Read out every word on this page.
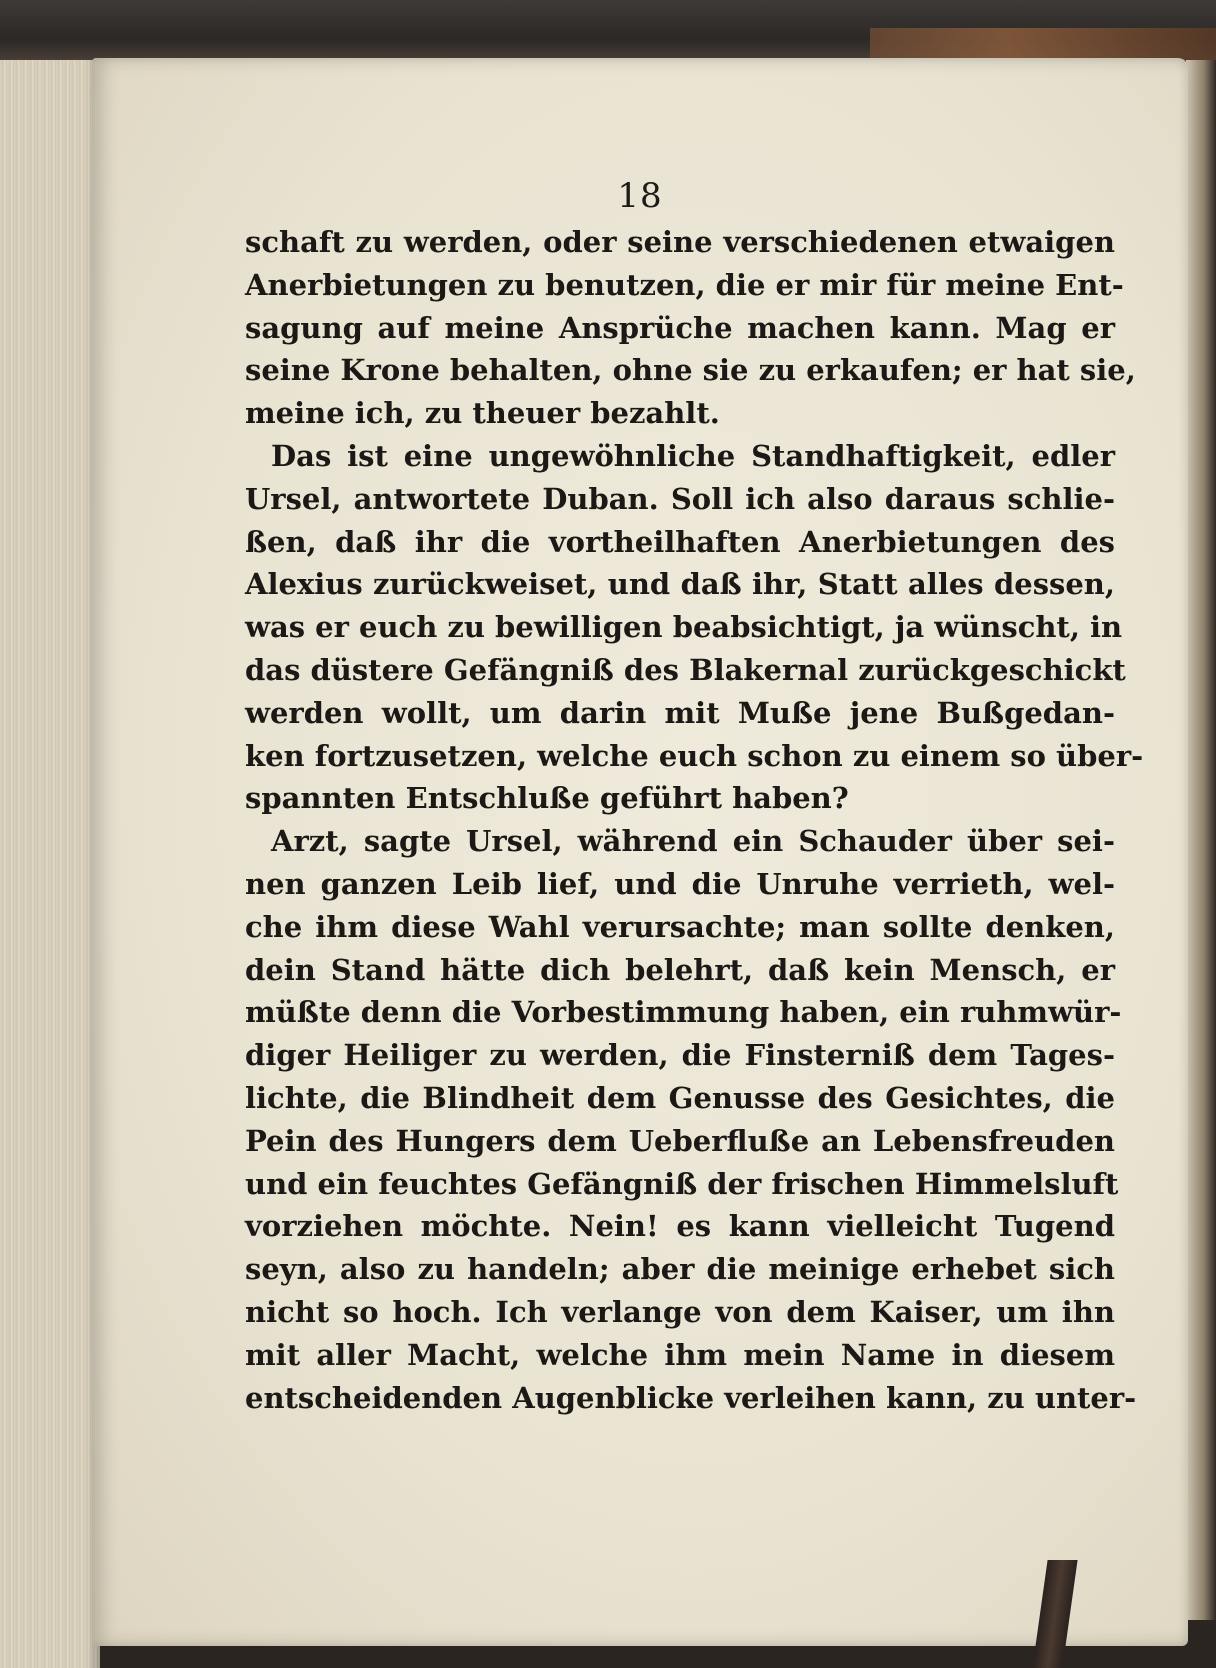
18
schaft zu werden, oder seine verschiedenen etwaigen
Anerbietungen zu benutzen, die er mir für meine Ent-
sagung auf meine Ansprüche machen kann. Mag er
seine Krone behalten, ohne sie zu erkaufen; er hat sie,
meine ich, zu theuer bezahlt.
Das ist eine ungewöhnliche Standhaftigkeit, edler
Ursel, antwortete Duban. Soll ich also daraus schlie-
ßen, daß ihr die vortheilhaften Anerbietungen des
Alexius zurückweiset, und daß ihr, Statt alles dessen,
was er euch zu bewilligen beabsichtigt, ja wünscht, in
das düstere Gefängniß des Blakernal zurückgeschickt
werden wollt, um darin mit Muße jene Bußgedan-
ken fortzusetzen, welche euch schon zu einem so über-
spannten Entschluße geführt haben?
Arzt, sagte Ursel, während ein Schauder über sei-
nen ganzen Leib lief, und die Unruhe verrieth, wel-
che ihm diese Wahl verursachte; man sollte denken,
dein Stand hätte dich belehrt, daß kein Mensch, er
müßte denn die Vorbestimmung haben, ein ruhmwür-
diger Heiliger zu werden, die Finsterniß dem Tages-
lichte, die Blindheit dem Genusse des Gesichtes, die
Pein des Hungers dem Ueberfluße an Lebensfreuden
und ein feuchtes Gefängniß der frischen Himmelsluft
vorziehen möchte. Nein! es kann vielleicht Tugend
seyn, also zu handeln; aber die meinige erhebet sich
nicht so hoch. Ich verlange von dem Kaiser, um ihn
mit aller Macht, welche ihm mein Name in diesem
entscheidenden Augenblicke verleihen kann, zu unter-
